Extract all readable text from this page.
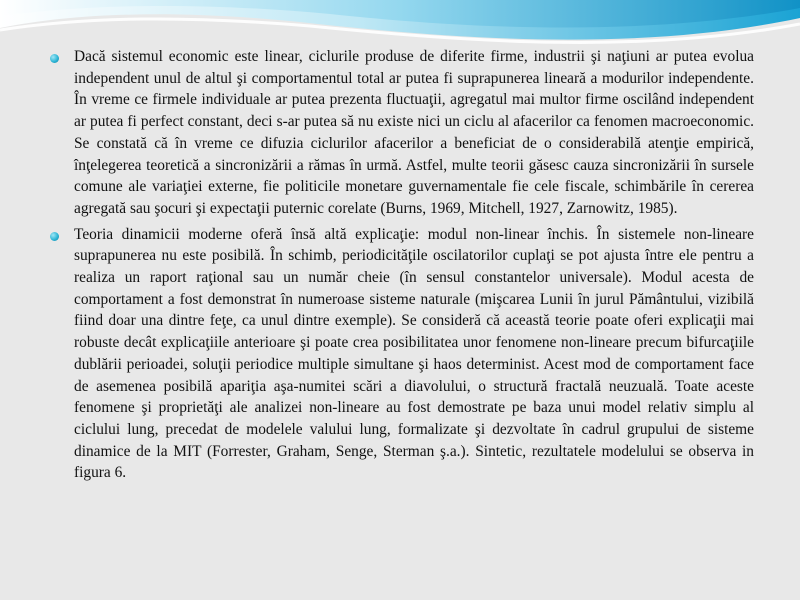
Dacă sistemul economic este linear, ciclurile produse de diferite firme, industrii şi naţiuni ar putea evolua independent unul de altul şi comportamentul total ar putea fi suprapunerea lineară a modurilor independente. În vreme ce firmele individuale ar putea prezenta fluctuaţii, agregatul mai multor firme oscilând independent ar putea fi perfect constant, deci s-ar putea să nu existe nici un ciclu al afacerilor ca fenomen macroeconomic. Se constată că în vreme ce difuzia ciclurilor afacerilor a beneficiat de o considerabilă atenţie empirică, înţelegerea teoretică a sincronizării a rămas în urmă. Astfel, multe teorii găsesc cauza sincronizării în sursele comune ale variaţiei externe, fie politicile monetare guvernamentale fie cele fiscale, schimbările în cererea agregată sau şocuri şi expectaţii puternic corelate (Burns, 1969, Mitchell, 1927, Zarnowitz, 1985).

Teoria dinamicii moderne oferă însă altă explicaţie: modul non-linear închis. În sistemele non-lineare suprapunerea nu este posibilă. În schimb, periodicităţile oscilatorilor cuplaţi se pot ajusta între ele pentru a realiza un raport raţional sau un număr cheie (în sensul constantelor universale). Modul acesta de comportament a fost demonstrat în numeroase sisteme naturale (mişcarea Lunii în jurul Pământului, vizibilă fiind doar una dintre feţe, ca unul dintre exemple). Se consideră că această teorie poate oferi explicaţii mai robuste decât explicaţiile anterioare şi poate crea posibilitatea unor fenomene non-lineare precum bifurcaţiile dublării perioadei, soluţii periodice multiple simultane şi haos determinist. Acest mod de comportament face de asemenea posibilă apariţia aşa-numitei scări a diavolului, o structură fractală neuzuală. Toate aceste fenomene şi proprietăţi ale analizei non-lineare au fost demostrate pe baza unui model relativ simplu al ciclului lung, precedat de modelele valului lung, formalizate şi dezvoltate în cadrul grupului de sisteme dinamice de la MIT (Forrester, Graham, Senge, Sterman ş.a.). Sintetic, rezultatele modelului se observa in figura 6.
